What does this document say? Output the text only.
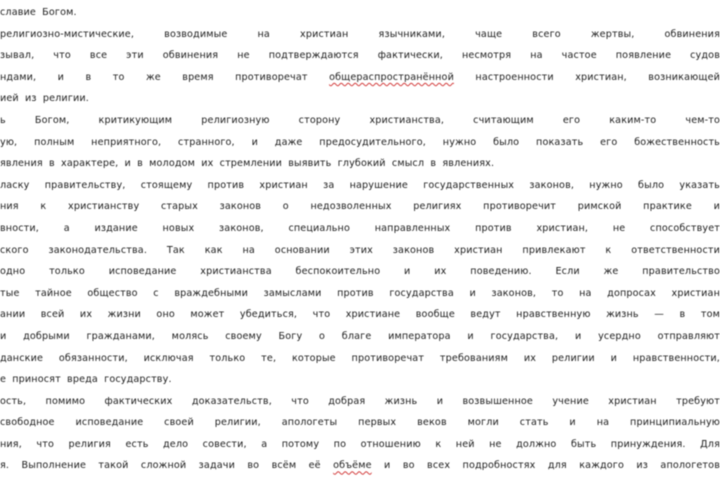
славие Богом.
религиозно-мистические, возводимые на христиан язычниками, чаще всего жертвы, обвинения
зывал, что все эти обвинения не подтверждаются фактически, несмотря на частое появление судов
ндами, и в то же время противоречат общераспространённой настроенности христиан, возникающей
ией из религии.
ь Богом, критикующим религиозную сторону христианства, считающим его каким-то чем-то
ую, полным неприятного, странного, и даже предосудительного, нужно было показать его божественность
явления в характере, и в молодом их стремлении выявить глубокий смысл в явлениях.
ласку правительству, стоящему против христиан за нарушение государственных законов, нужно было указать
ния к христианству старых законов о недозволенных религиях противоречит римской практике и
вности, а издание новых законов, специально направленных против христиан, не способствует
ского законодательства. Так как на основании этих законов христиан привлекают к ответственности
одно только исповедание христианства беспокоительно и их поведению. Если же правительство
тые тайное общество с враждебными замыслами против государства и законов, то на допросах христиан
ании всей их жизни оно может убедиться, что христиане вообще ведут нравственную жизнь — в том
и добрыми гражданами, молясь своему Богу о благе императора и государства, и усердно отправляют
данские обязанности, исключая только те, которые противоречат требованиям их религии и нравственности,
е приносят вреда государству.
ость, помимо фактических доказательств, что добрая жизнь и возвышенное учение христиан требуют
свободное исповедание своей религии, апологеты первых веков могли стать и на принципиальную
ния, что религия есть дело совести, а потому по отношению к ней не должно быть принуждения. Для
я. Выполнение такой сложной задачи во всём её объёме и во всех подробностях для каждого из апологетов
